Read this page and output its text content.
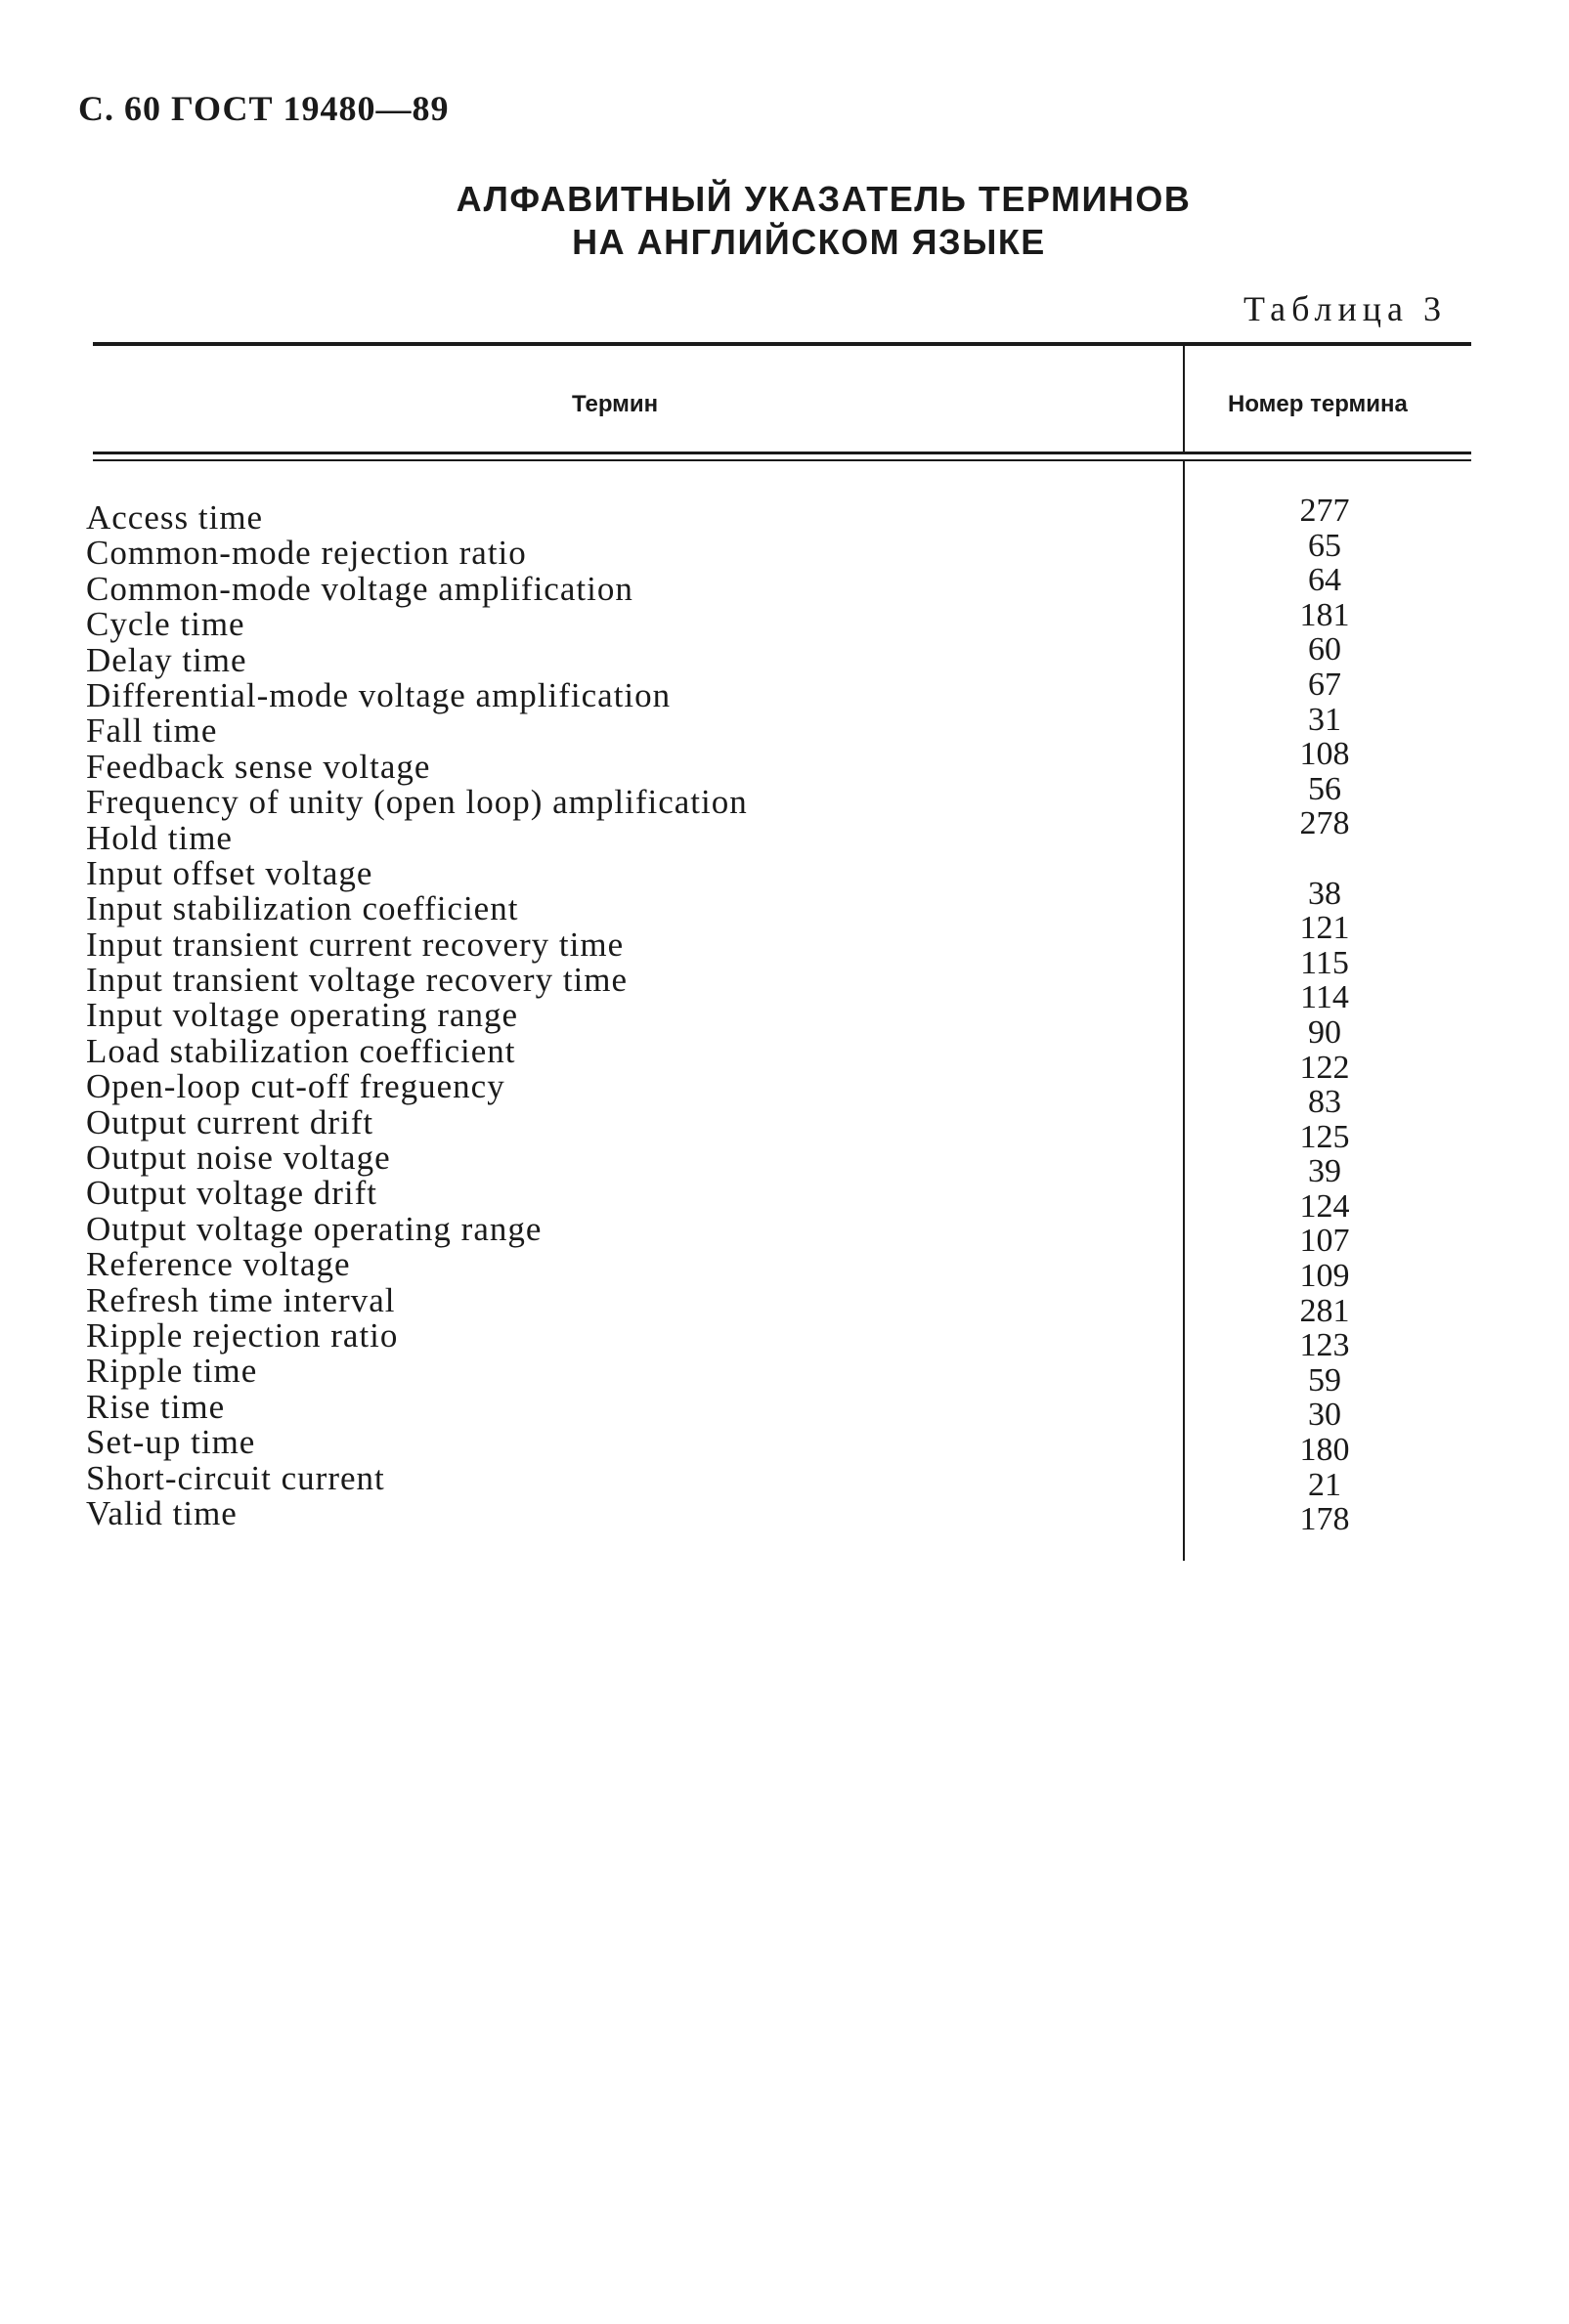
С. 60 ГОСТ 19480—89
АЛФАВИТНЫЙ УКАЗАТЕЛЬ ТЕРМИНОВ
НА АНГЛИЙСКОМ ЯЗЫКЕ
Таблица 3
Термин	Номер термина
Access time
Common-mode rejection ratio
Common-mode voltage amplification
Cycle time
Delay time
Differential-mode voltage amplification
Fall time
Feedback sense voltage
Frequency of unity (open loop) amplification
Hold time
Input offset voltage
Input stabilization coefficient
Input transient current recovery time
Input transient voltage recovery time
Input voltage operating range
Load stabilization coefficient
Open-loop cut-off freguency
Output current drift
Output noise voltage
Output voltage drift
Output voltage operating range
Reference voltage
Refresh time interval
Ripple rejection ratio
Ripple time
Rise time
Set-up time
Short-circuit current
Valid time
277
65
64
181
60
67
31
108
56
278
38
121
115
114
90
122
83
125
39
124
107
109
281
123
59
30
180
21
178
